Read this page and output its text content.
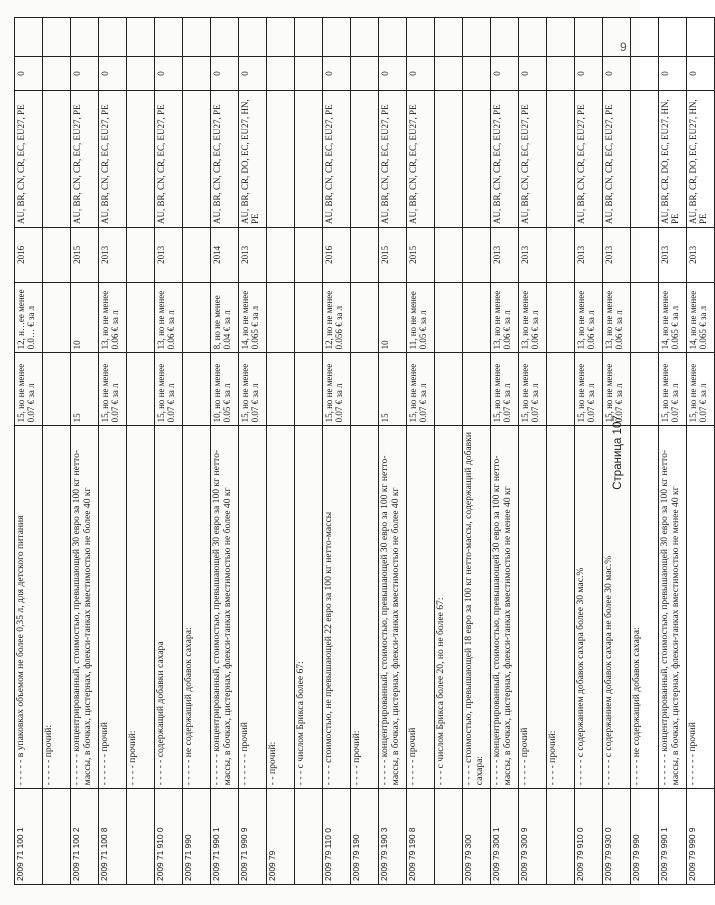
9
2009 71 100 1	- - - - - в упаковках объемом не более 0,35 л, для детского питания	15, но не менее 0.07 € за л	12, н…ее менее 0.0… € за л	2016	AU, BR, CN, CR, EC, EU27, PE	0	
	- - - - - прочий:						
2009 71 100 2	- - - - - - концентрированный, стоимостью, превышающей 30 евро за 100 кг нетто-массы, в бочках, цистернах, флекси-танках вместимостью не более 40 кг	15	10	2015	AU, BR, CN, CR, EC, EU27, PE	0	
2009 71 100 8	- - - - - - прочий	15, но не менее 0.07 € за л	13, но не менее 0.06 € за л	2013	AU, BR, CN, CR, EC, EU27, PE	0	
	- - - - прочий:						
2009 71 910 0	- - - - - содержащий добавки сахара	15, но не менее 0.07 € за л	13, но не менее 0.06 € за л	2013	AU, BR, CN, CR, EC, EU27, PE	0	
2009 71 990	- - - - - не содержащий добавок сахара:						
2009 71 990 1	- - - - - - концентрированный, стоимостью, превышающей 30 евро за 100 кг нетто-массы, в бочках, цистернах, флекси-танках вместимостью не более 40 кг	10, но не менее 0.05 € за л	8, но не менее 0.04 € за л	2014	AU, BR, CN, CR, EC, EU27, PE	0	
2009 71 990 9	- - - - - - прочий	15, но не менее 0.07 € за л	14, но не менее 0.065 € за л	2013	AU, BR, CR, DO, EC, EU27, HN, PE	0	
2009 79	- - прочий:						
	- - - с числом Брикса более 67:						
2009 79 110 0	- - - - стоимостью, не превышающей 22 евро за 100 кг нетто-массы	15, но не менее 0.07 € за л	12, но не менее 0.056 € за л	2016	AU, BR, CN, CR, EC, EU27, PE	0	
2009 79 190	- - - - прочий:						
2009 79 190 3	- - - - - концентрированный, стоимостью, превышающей 30 евро за 100 кг нетто-массы, в бочках, цистернах, флекси-танках вместимостью не более 40 кг	15	10	2015	AU, BR, CN, CR, EC, EU27, PE	0	
2009 79 190 8	- - - - - прочий	15, но не менее 0.07 € за л	11, но не менее 0.05 € за л	2015	AU, BR, CN, CR, EC, EU27, PE	0	
	- - - с числом Брикса более 20, но не более 67:						
2009 79 300	- - - - стоимостью, превышающей 18 евро за 100 кг нетто-массы, содержащий добавки сахара:						
2009 79 300 1	- - - - - концентрированный, стоимостью, превышающей 30 евро за 100 кг нетто-массы, в бочках, цистернах, флекси-танках вместимостью не менее 40 кг	15, но не менее 0.07 € за л	13, но не менее 0.06 € за л	2013	AU, BR, CN, CR, EC, EU27, PE	0	
2009 79 300 9	- - - - - прочий	15, но не менее 0.07 € за л	13, но не менее 0.06 € за л	2013	AU, BR, CN, CR, EC, EU27, PE	0	
	- - - - прочий:						
2009 79 910 0	- - - - - с содержанием добавок сахара более 30 мас.%	15, но не менее 0.07 € за л	13, но не менее 0.06 € за л	2013	AU, BR, CN, CR, EC, EU27, PE	0	
2009 79 930 0	- - - - - с содержанием добавок сахара не более 30 мас.%	15, но не менее 0.07 € за л	13, но не менее 0.06 € за л	2013	AU, BR, CN, CR, EC, EU27, PE	0	
2009 79 990	- - - - - не содержащий добавок сахара:						
2009 79 990 1	- - - - - - концентрированный, стоимостью, превышающей 30 евро за 100 кг нетто-массы, в бочках, цистернах, флекси-танках вместимостью не менее 40 кг	15, но не менее 0.07 € за л	14, но не менее 0.065 € за л	2013	AU, BR, CR, DO, EC, EU27, HN, PE	0	
2009 79 990 9	- - - - - - прочий	15, но не менее 0.07 € за л	14, но не менее 0.065 € за л	2013	AU, BR, CR, DO, EC, EU27, HN, PE	0	
Страница 107
